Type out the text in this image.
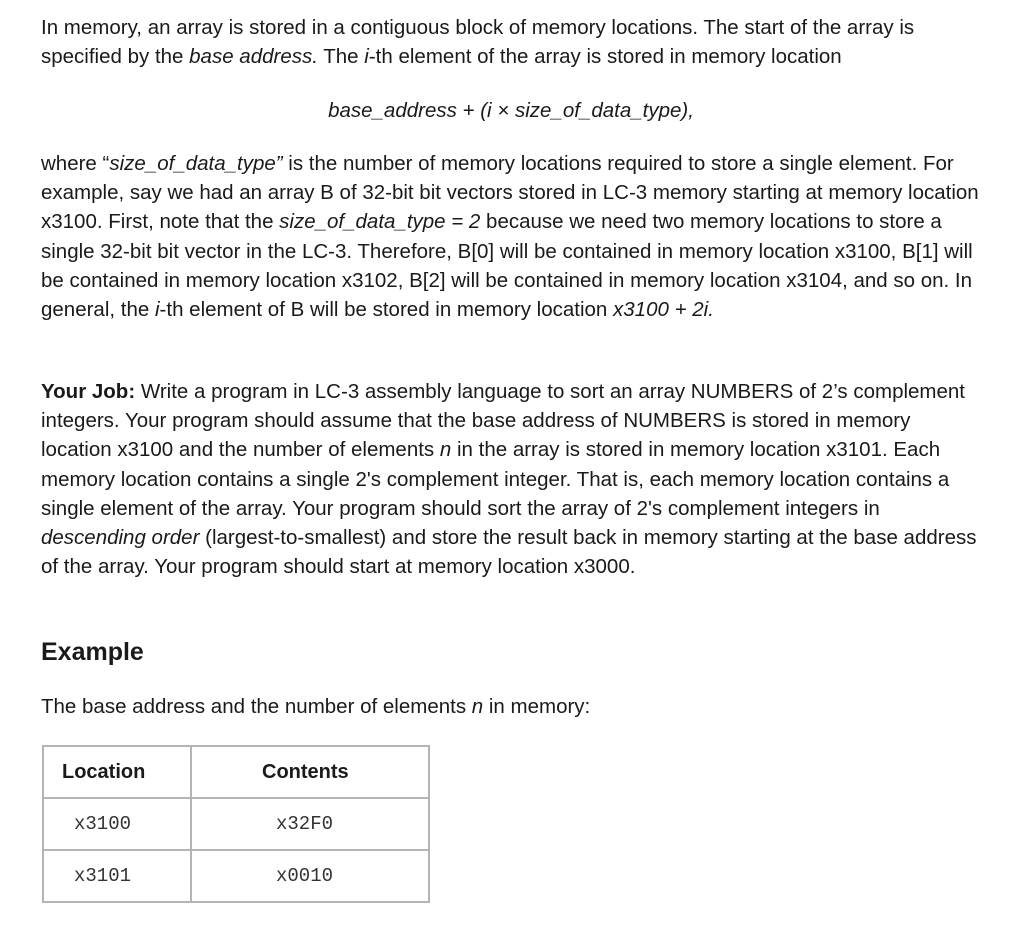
In memory, an array is stored in a contiguous block of memory locations. The start of the array is specified by the base address. The i-th element of the array is stored in memory location

base_address + (i × size_of_data_type),

where “size_of_data_type” is the number of memory locations required to store a single element. For example, say we had an array B of 32-bit bit vectors stored in LC-3 memory starting at memory location x3100. First, note that the size_of_data_type = 2 because we need two memory locations to store a single 32-bit bit vector in the LC-3. Therefore, B[0] will be contained in memory location x3100, B[1] will be contained in memory location x3102, B[2] will be contained in memory location x3104, and so on. In general, the i-th element of B will be stored in memory location x3100 + 2i.

Your Job: Write a program in LC-3 assembly language to sort an array NUMBERS of 2’s complement integers. Your program should assume that the base address of NUMBERS is stored in memory location x3100 and the number of elements n in the array is stored in memory location x3101. Each memory location contains a single 2's complement integer. That is, each memory location contains a single element of the array. Your program should sort the array of 2's complement integers in descending order (largest-to-smallest) and store the result back in memory starting at the base address of the array. Your program should start at memory location x3000.

Example

The base address and the number of elements n in memory:

Location	Contents
x3100	x32F0
x3101	x0010
